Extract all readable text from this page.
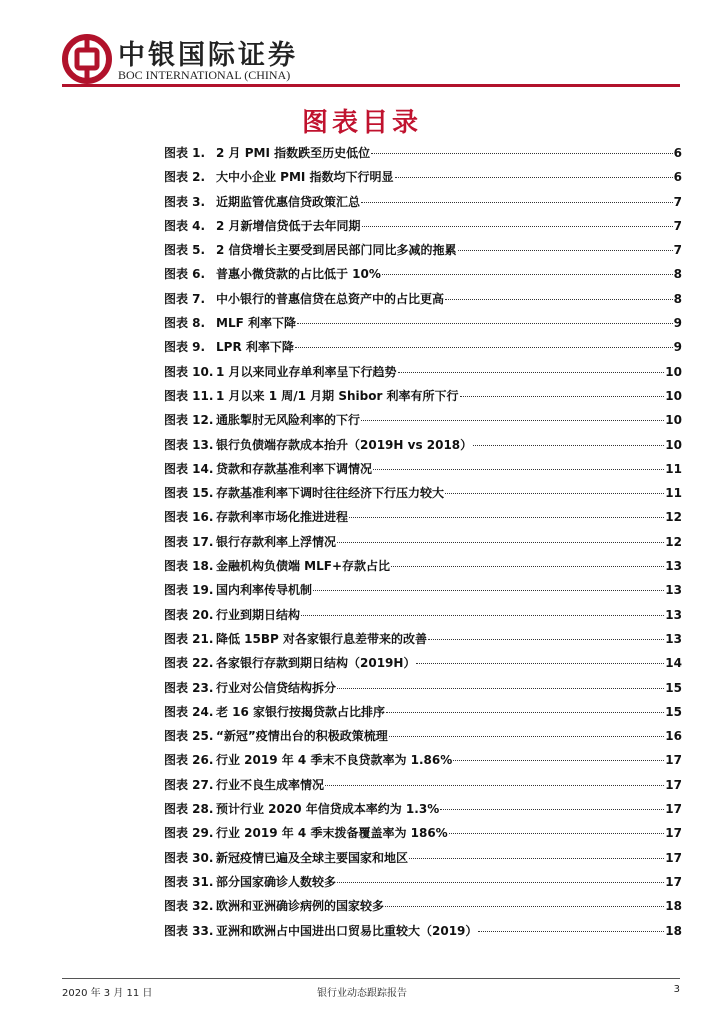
中银国际证券
BOC INTERNATIONAL (CHINA)
图表目录
图表 1. 2 月 PMI 指数跌至历史低位	6
图表 2. 大中小企业 PMI 指数均下行明显	6
图表 3. 近期监管优惠信贷政策汇总	7
图表 4. 2 月新增信贷低于去年同期	7
图表 5. 2 信贷增长主要受到居民部门同比多减的拖累	7
图表 6. 普惠小微贷款的占比低于 10%	8
图表 7. 中小银行的普惠信贷在总资产中的占比更高	8
图表 8. MLF 利率下降	9
图表 9. LPR 利率下降	9
图表 10. 1 月以来同业存单利率呈下行趋势	10
图表 11. 1 月以来 1 周/1 月期 Shibor 利率有所下行	10
图表 12. 通胀掣肘无风险利率的下行	10
图表 13. 银行负债端存款成本抬升（2019H vs 2018）	10
图表 14. 贷款和存款基准利率下调情况	11
图表 15. 存款基准利率下调时往往经济下行压力较大	11
图表 16. 存款利率市场化推进进程	12
图表 17. 银行存款利率上浮情况	12
图表 18. 金融机构负债端 MLF+存款占比	13
图表 19. 国内利率传导机制	13
图表 20. 行业到期日结构	13
图表 21. 降低 15BP 对各家银行息差带来的改善	13
图表 22. 各家银行存款到期日结构（2019H）	14
图表 23. 行业对公信贷结构拆分	15
图表 24. 老 16 家银行按揭贷款占比排序	15
图表 25. “新冠”疫情出台的积极政策梳理	16
图表 26. 行业 2019 年 4 季末不良贷款率为 1.86%	17
图表 27. 行业不良生成率情况	17
图表 28. 预计行业 2020 年信贷成本率约为 1.3%	17
图表 29. 行业 2019 年 4 季末拨备覆盖率为 186%	17
图表 30. 新冠疫情已遍及全球主要国家和地区	17
图表 31. 部分国家确诊人数较多	17
图表 32. 欧洲和亚洲确诊病例的国家较多	18
图表 33. 亚洲和欧洲占中国进出口贸易比重较大（2019）	18
2020 年 3 月 11 日	银行业动态跟踪报告	3
